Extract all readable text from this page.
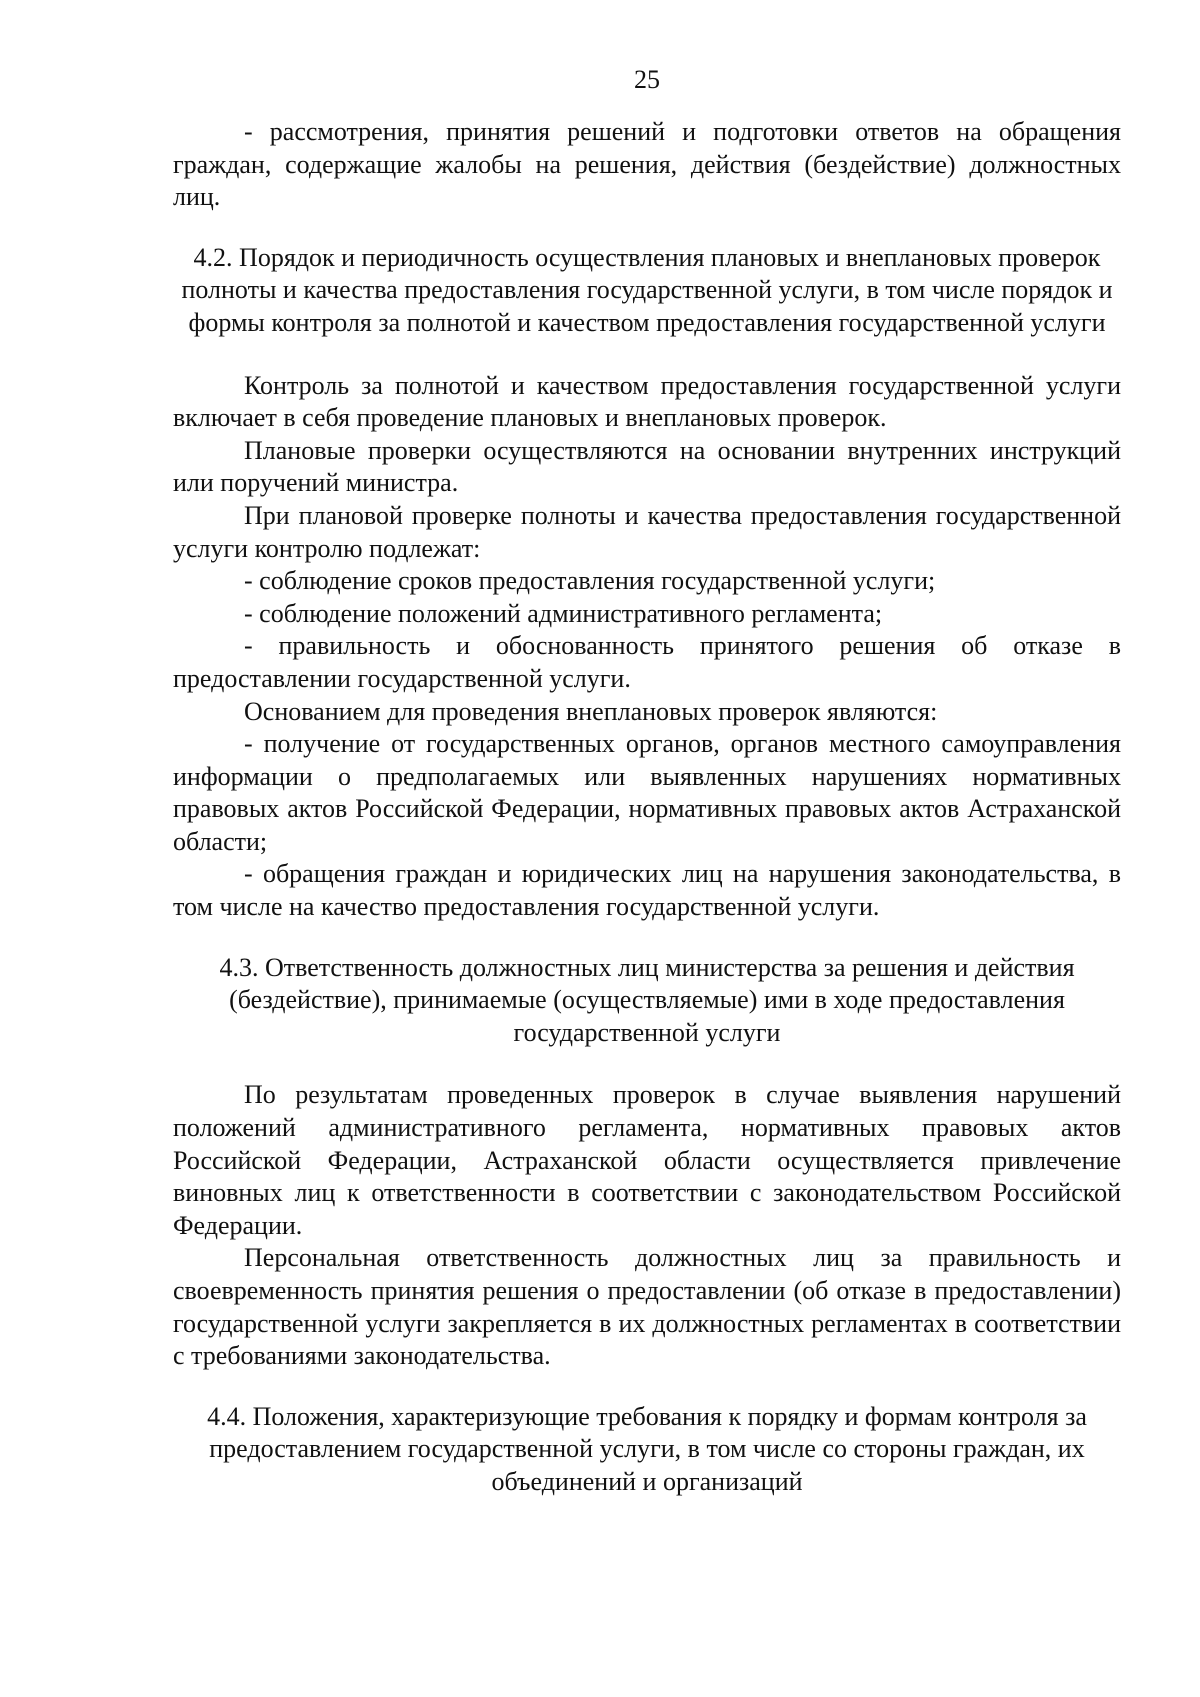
25

- рассмотрения, принятия решений и подготовки ответов на обращения граждан, содержащие жалобы на решения, действия (бездействие) должностных лиц.

4.2. Порядок и периодичность осуществления плановых и внеплановых проверок полноты и качества предоставления государственной услуги, в том числе порядок и формы контроля за полнотой и качеством предоставления государственной услуги

Контроль за полнотой и качеством предоставления государственной услуги включает в себя проведение плановых и внеплановых проверок.

Плановые проверки осуществляются на основании внутренних инструкций или поручений министра.

При плановой проверке полноты и качества предоставления государственной услуги контролю подлежат:

- соблюдение сроков предоставления государственной услуги;

- соблюдение положений административного регламента;

- правильность и обоснованность принятого решения об отказе в предоставлении государственной услуги.

Основанием для проведения внеплановых проверок являются:

- получение от государственных органов, органов местного самоуправления информации о предполагаемых или выявленных нарушениях нормативных правовых актов Российской Федерации, нормативных правовых актов Астраханской области;

- обращения граждан и юридических лиц на нарушения законодательства, в том числе на качество предоставления государственной услуги.

4.3. Ответственность должностных лиц министерства за решения и действия (бездействие), принимаемые (осуществляемые) ими в ходе предоставления государственной услуги

По результатам проведенных проверок в случае выявления нарушений положений административного регламента, нормативных правовых актов Российской Федерации, Астраханской области осуществляется привлечение виновных лиц к ответственности в соответствии с законодательством Российской Федерации.

Персональная ответственность должностных лиц за правильность и своевременность принятия решения о предоставлении (об отказе в предоставлении) государственной услуги закрепляется в их должностных регламентах в соответствии с требованиями законодательства.

4.4. Положения, характеризующие требования к порядку и формам контроля за предоставлением государственной услуги, в том числе со стороны граждан, их объединений и организаций
